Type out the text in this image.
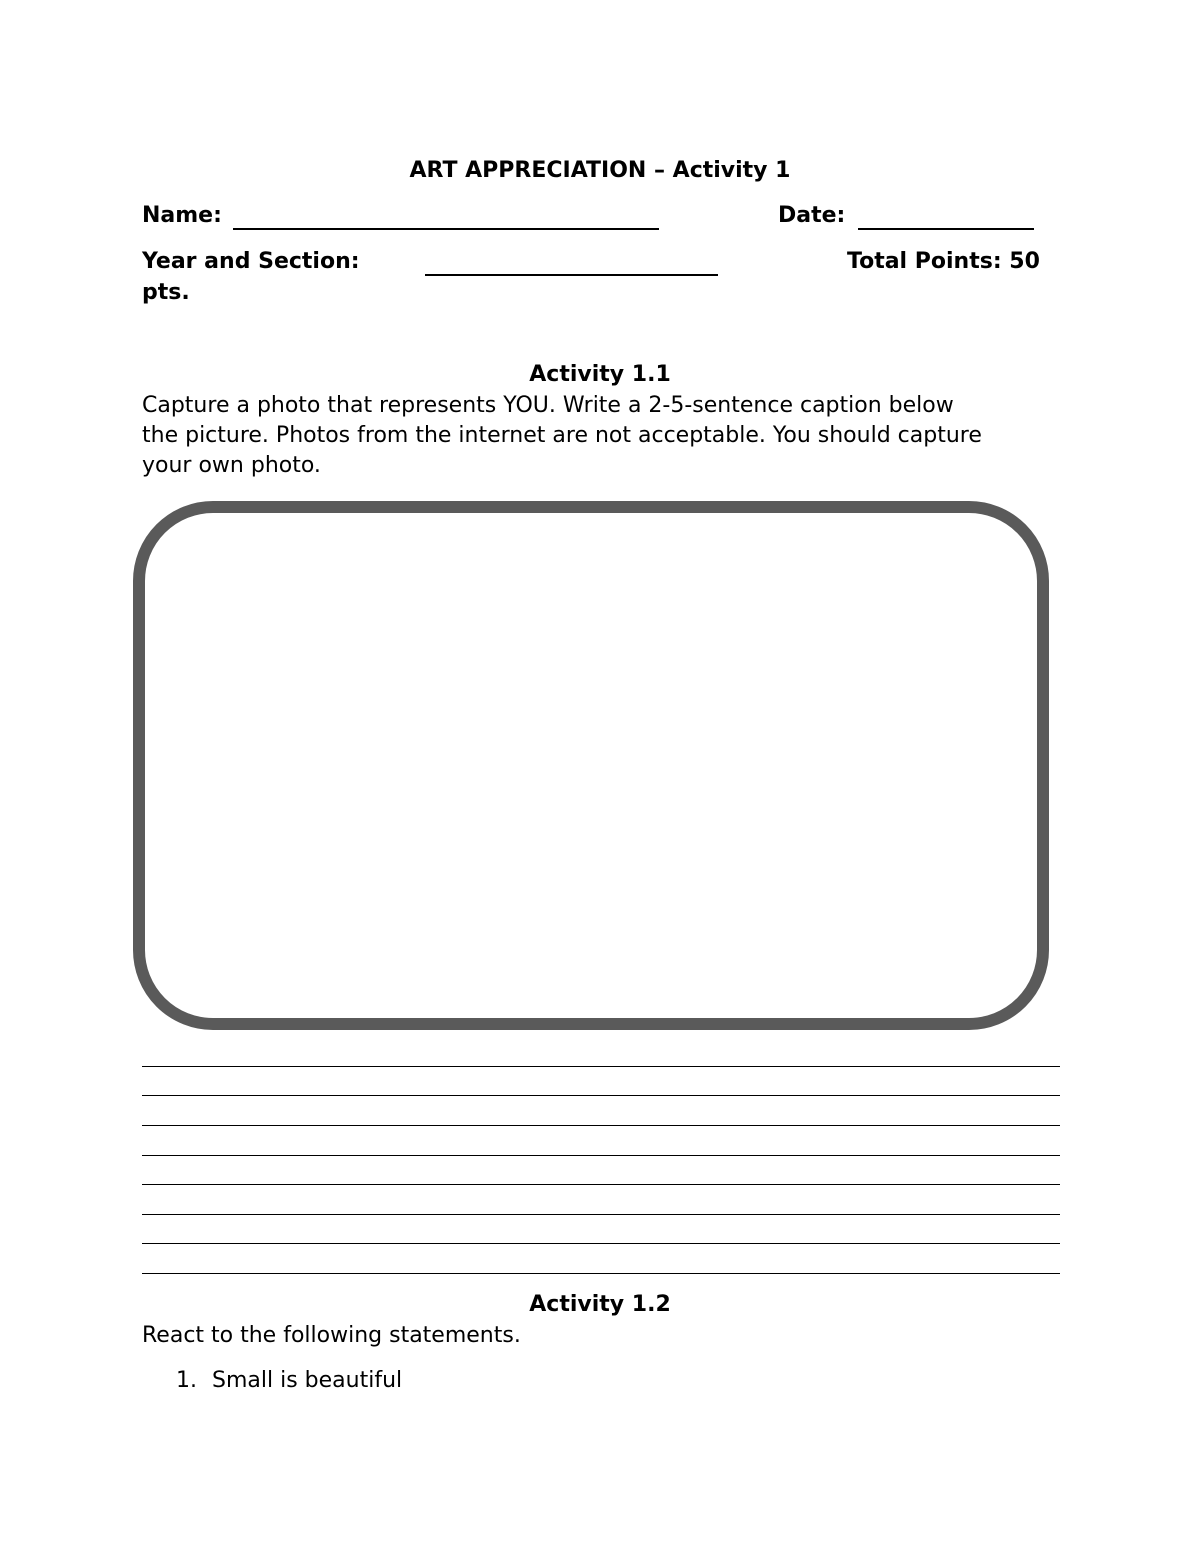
ART APPRECIATION – Activity 1
Name:	Date:
Year and Section:	Total Points: 50
pts.
Activity 1.1
Capture a photo that represents YOU. Write a 2-5-sentence caption below
the picture. Photos from the internet are not acceptable. You should capture
your own photo.
Activity 1.2
React to the following statements.
1. Small is beautiful
